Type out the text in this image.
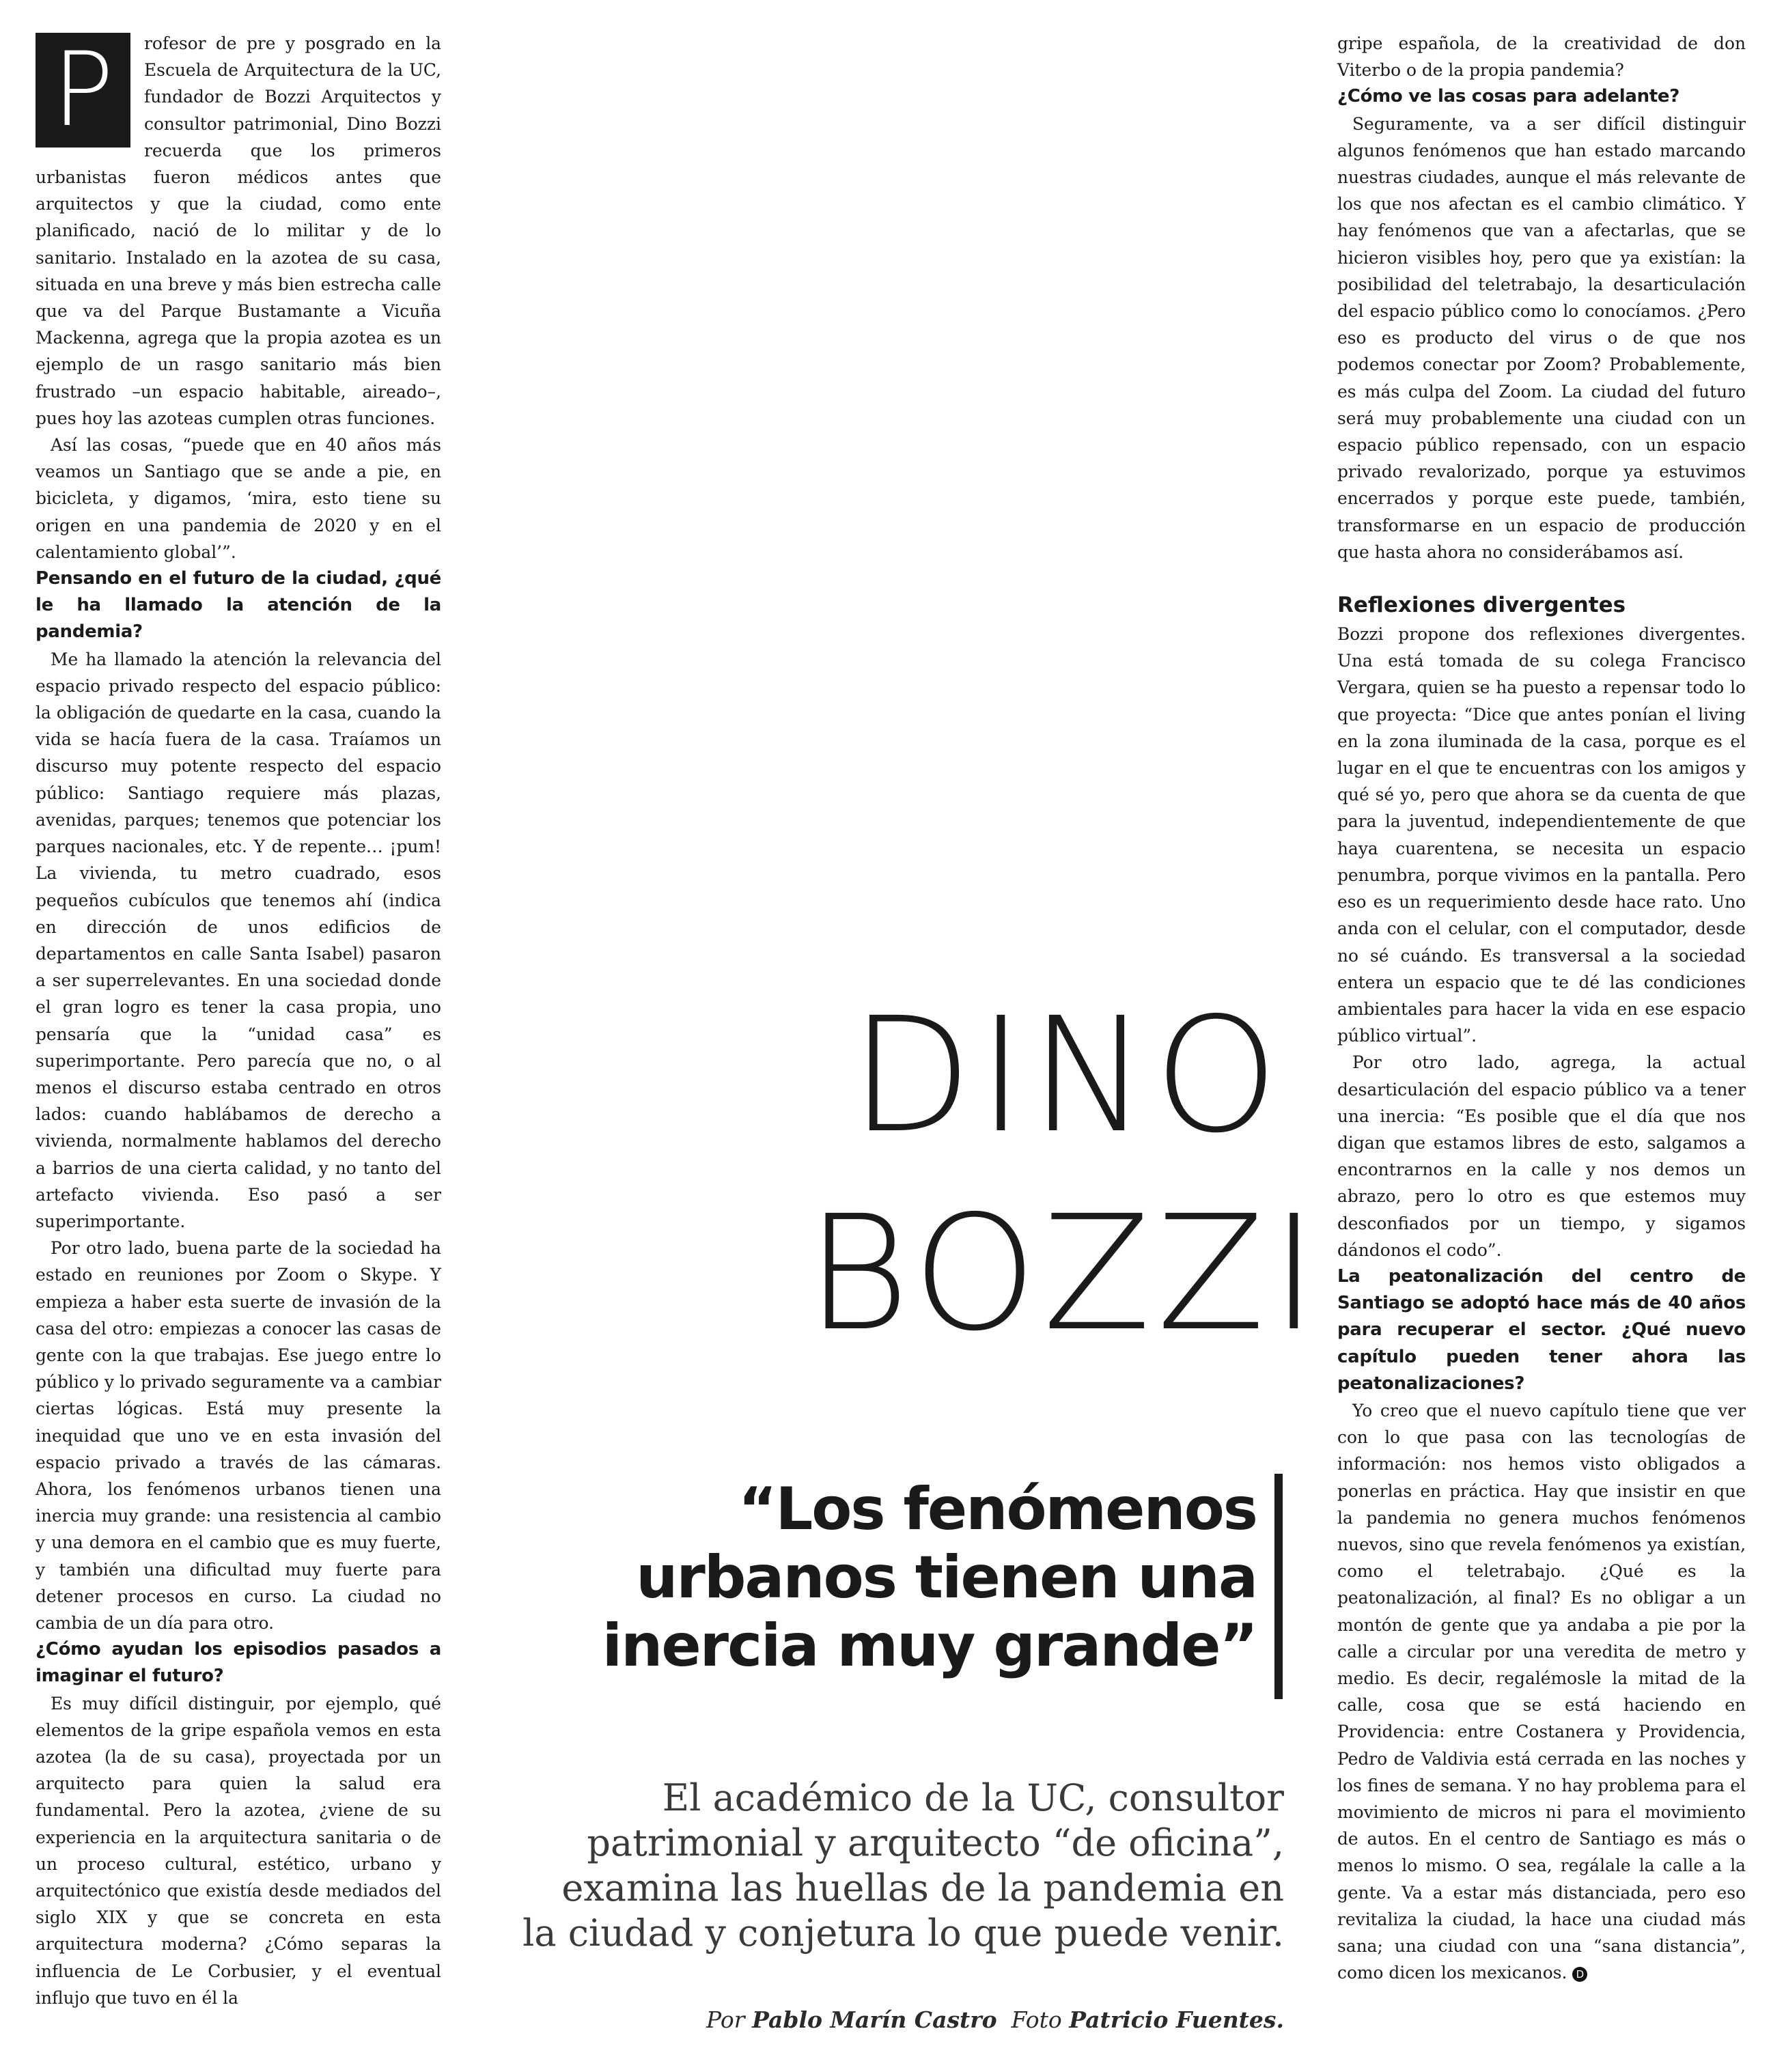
P	rofesor de pre y posgrado en la Escuela de Arquitectura de la UC, fundador de Bozzi Arquitectos y consultor patrimonial, Dino Bozzi recuerda que los primeros urbanistas fueron médicos antes que arquitectos y que la ciudad, como ente planificado, nació de lo militar y de lo sanitario. Instalado en la azotea de su casa, situada en una breve y más bien estrecha calle que va del Parque Bustamante a Vicuña Mackenna, agrega que la propia azotea es un ejemplo de un rasgo sanitario más bien frustrado –un espacio habitable, aireado–, pues hoy las azoteas cumplen otras funciones.

Así las cosas, “puede que en 40 años más veamos un Santiago que se ande a pie, en bicicleta, y digamos, ‘mira, esto tiene su origen en una pandemia de 2020 y en el calentamiento global’”.

Pensando en el futuro de la ciudad, ¿qué le ha llamado la atención de la pandemia?

Me ha llamado la atención la relevancia del espacio privado respecto del espacio público: la obligación de quedarte en la casa, cuando la vida se hacía fuera de la casa. Traíamos un discurso muy potente respecto del espacio público: Santiago requiere más plazas, avenidas, parques; tenemos que potenciar los parques nacionales, etc. Y de repente… ¡pum! La vivienda, tu metro cuadrado, esos pequeños cubículos que tenemos ahí (indica en dirección de unos edificios de departamentos en calle Santa Isabel) pasaron a ser superrelevantes. En una sociedad donde el gran logro es tener la casa propia, uno pensaría que la “unidad casa” es superimportante. Pero parecía que no, o al menos el discurso estaba centrado en otros lados: cuando hablábamos de derecho a vivienda, normalmente hablamos del derecho a barrios de una cierta calidad, y no tanto del artefacto vivienda. Eso pasó a ser superimportante.

Por otro lado, buena parte de la sociedad ha estado en reuniones por Zoom o Skype. Y empieza a haber esta suerte de invasión de la casa del otro: empiezas a conocer las casas de gente con la que trabajas. Ese juego entre lo público y lo privado seguramente va a cambiar ciertas lógicas. Está muy presente la inequidad que uno ve en esta invasión del espacio privado a través de las cámaras. Ahora, los fenómenos urbanos tienen una inercia muy grande: una resistencia al cambio y una demora en el cambio que es muy fuerte, y también una dificultad muy fuerte para detener procesos en curso. La ciudad no cambia de un día para otro.

¿Cómo ayudan los episodios pasados a imaginar el futuro?

Es muy difícil distinguir, por ejemplo, qué elementos de la gripe española vemos en esta azotea (la de su casa), proyectada por un arquitecto para quien la salud era fundamental. Pero la azotea, ¿viene de su experiencia en la arquitectura sanitaria o de un proceso cultural, estético, urbano y arquitectónico que existía desde mediados del siglo XIX y que se concreta en esta arquitectura moderna? ¿Cómo separas la influencia de Le Corbusier, y el eventual influjo que tuvo en él la

DINO
BOZZI
“Los fenómenos urbanos tienen una inercia muy grande”
El académico de la UC, consultor patrimonial y arquitecto “de oficina”, examina las huellas de la pandemia en la ciudad y conjetura lo que puede venir.
Por Pablo Marín Castro Foto Patricio Fuentes.

gripe española, de la creatividad de don Viterbo o de la propia pandemia?

¿Cómo ve las cosas para adelante?

Seguramente, va a ser difícil distinguir algunos fenómenos que han estado marcando nuestras ciudades, aunque el más relevante de los que nos afectan es el cambio climático. Y hay fenómenos que van a afectarlas, que se hicieron visibles hoy, pero que ya existían: la posibilidad del teletrabajo, la desarticulación del espacio público como lo conocíamos. ¿Pero eso es producto del virus o de que nos podemos conectar por Zoom? Probablemente, es más culpa del Zoom. La ciudad del futuro será muy probablemente una ciudad con un espacio público repensado, con un espacio privado revalorizado, porque ya estuvimos encerrados y porque este puede, también, transformarse en un espacio de producción que hasta ahora no considerábamos así.

Reflexiones divergentes

Bozzi propone dos reflexiones divergentes. Una está tomada de su colega Francisco Vergara, quien se ha puesto a repensar todo lo que proyecta: “Dice que antes ponían el living en la zona iluminada de la casa, porque es el lugar en el que te encuentras con los amigos y qué sé yo, pero que ahora se da cuenta de que para la juventud, independientemente de que haya cuarentena, se necesita un espacio penumbra, porque vivimos en la pantalla. Pero eso es un requerimiento desde hace rato. Uno anda con el celular, con el computador, desde no sé cuándo. Es transversal a la sociedad entera un espacio que te dé las condiciones ambientales para hacer la vida en ese espacio público virtual”.

Por otro lado, agrega, la actual desarticulación del espacio público va a tener una inercia: “Es posible que el día que nos digan que estamos libres de esto, salgamos a encontrarnos en la calle y nos demos un abrazo, pero lo otro es que estemos muy desconfiados por un tiempo, y sigamos dándonos el codo”.

La peatonalización del centro de Santiago se adoptó hace más de 40 años para recuperar el sector. ¿Qué nuevo capítulo pueden tener ahora las peatonalizaciones?

Yo creo que el nuevo capítulo tiene que ver con lo que pasa con las tecnologías de información: nos hemos visto obligados a ponerlas en práctica. Hay que insistir en que la pandemia no genera muchos fenómenos nuevos, sino que revela fenómenos ya existían, como el teletrabajo. ¿Qué es la peatonalización, al final? Es no obligar a un montón de gente que ya andaba a pie por la calle a circular por una veredita de metro y medio. Es decir, regalémosle la mitad de la calle, cosa que se está haciendo en Providencia: entre Costanera y Providencia, Pedro de Valdivia está cerrada en las noches y los fines de semana. Y no hay problema para el movimiento de micros ni para el movimiento de autos. En el centro de Santiago es más o menos lo mismo. O sea, regálale la calle a la gente. Va a estar más distanciada, pero eso revitaliza la ciudad, la hace una ciudad más sana; una ciudad con una “sana distancia”, como dicen los mexicanos. D
